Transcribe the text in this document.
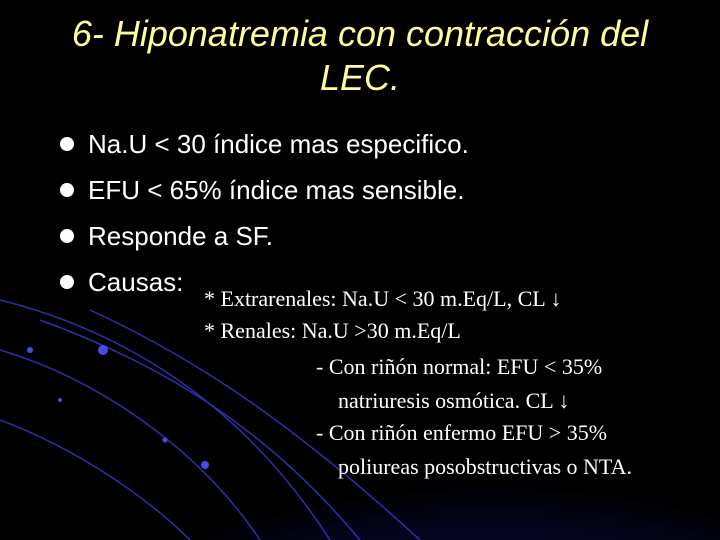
6- Hiponatremia con contracción del
LEC.
Na.U < 30 índice mas especifico.
EFU < 65% índice mas sensible.
Responde a SF.
Causas:
* Extrarenales: Na.U < 30 m.Eq/L, CL ↓
* Renales: Na.U >30 m.Eq/L
- Con riñón normal: EFU < 35%
natriuresis osmótica. CL ↓
- Con riñón enfermo EFU > 35%
poliureas posobstructivas o NTA.
